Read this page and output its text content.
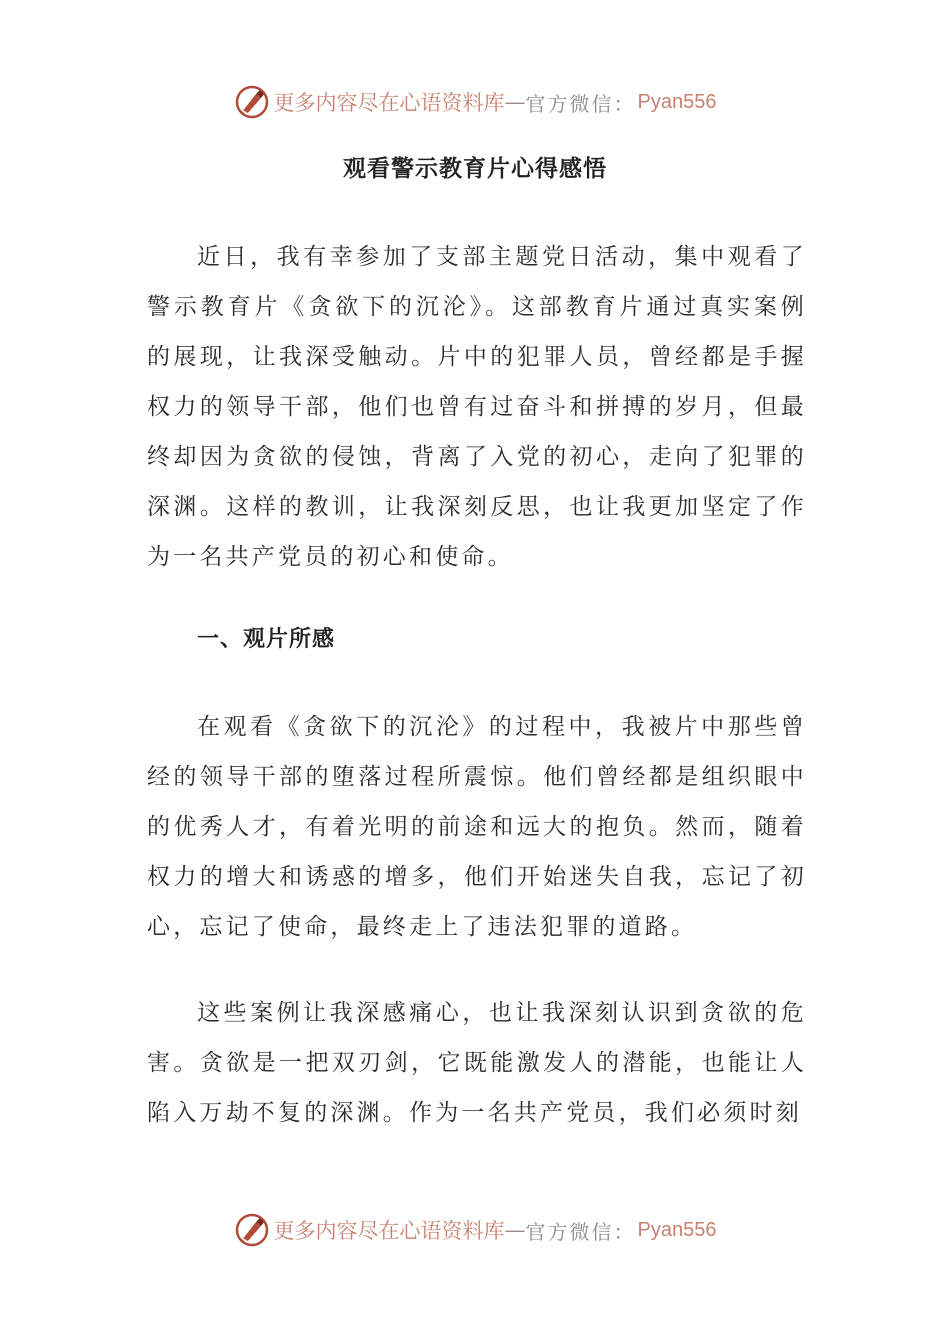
更多内容尽在心语资料库 — 官方微信： Pyan556
观看警示教育片心得感悟
近日，我有幸参加了支部主题党日活动，集中观看了警示教育片《贪欲下的沉沦》。这部教育片通过真实案例的展现，让我深受触动。片中的犯罪人员，曾经都是手握权力的领导干部，他们也曾有过奋斗和拼搏的岁月，但最终却因为贪欲的侵蚀，背离了入党的初心，走向了犯罪的深渊。这样的教训，让我深刻反思，也让我更加坚定了作为一名共产党员的初心和使命。
一、观片所感
在观看《贪欲下的沉沦》的过程中，我被片中那些曾经的领导干部的堕落过程所震惊。他们曾经都是组织眼中的优秀人才，有着光明的前途和远大的抱负。然而，随着权力的增大和诱惑的增多，他们开始迷失自我，忘记了初心，忘记了使命，最终走上了违法犯罪的道路。
这些案例让我深感痛心，也让我深刻认识到贪欲的危害。贪欲是一把双刃剑，它既能激发人的潜能，也能让人陷入万劫不复的深渊。作为一名共产党员，我们必须时刻
更多内容尽在心语资料库 — 官方微信： Pyan556
